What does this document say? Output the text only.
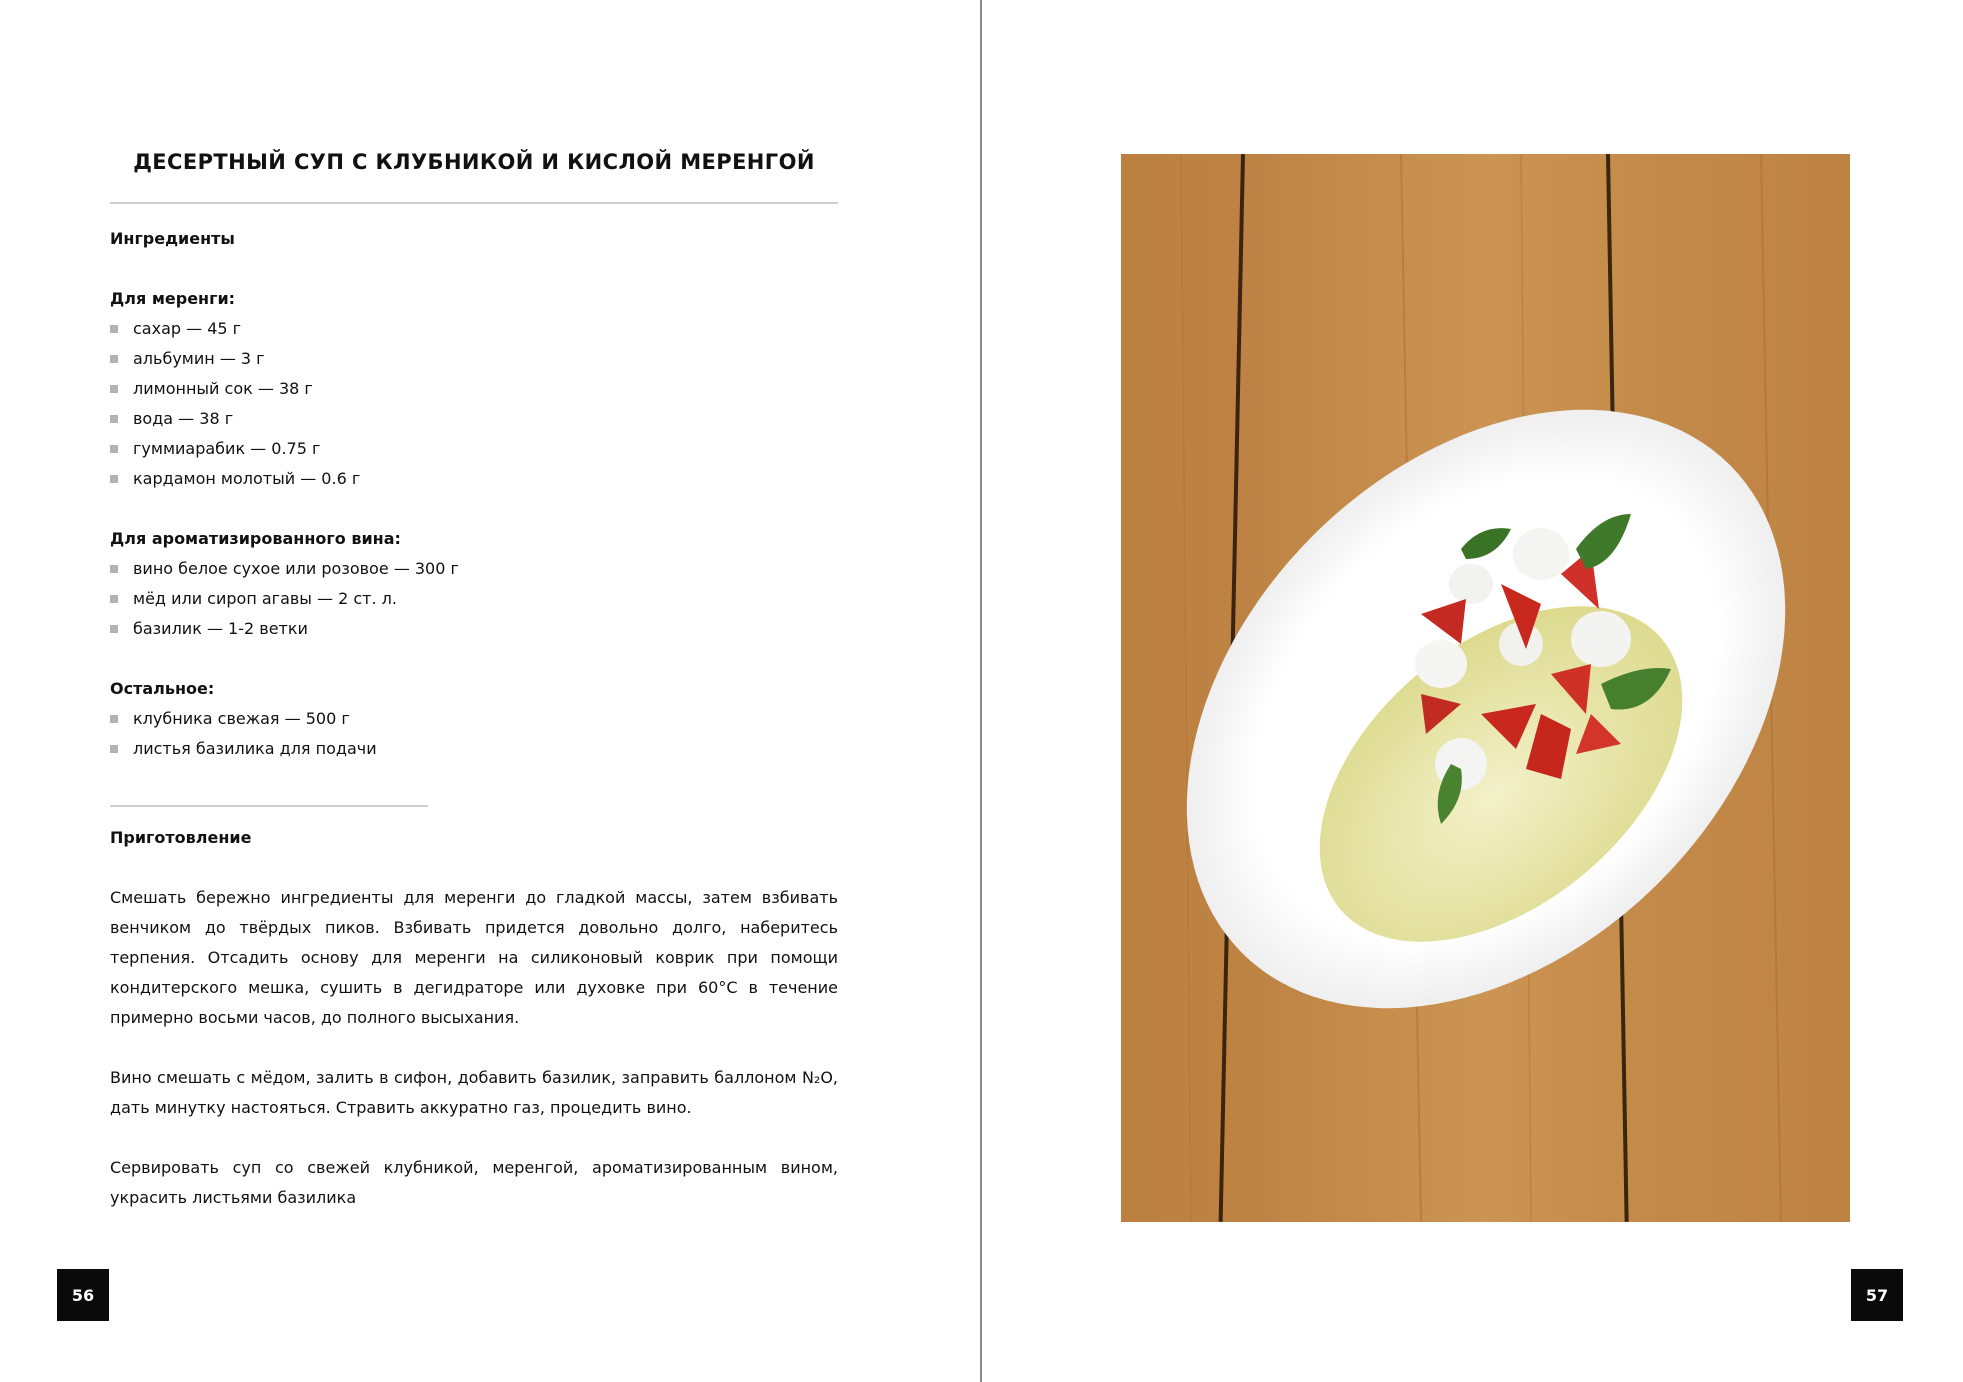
ДЕСЕРТНЫЙ СУП С КЛУБНИКОЙ И КИСЛОЙ МЕРЕНГОЙ
Ингредиенты
Для меренги:
сахар — 45 г
альбумин — 3 г
лимонный сок — 38 г
вода — 38 г
гуммиарабик — 0.75 г
кардамон молотый — 0.6 г
Для ароматизированного вина:
вино белое сухое или розовое — 300 г
мёд или сироп агавы — 2 ст. л.
базилик — 1-2 ветки
Остальное:
клубника свежая — 500 г
листья базилика для подачи
Приготовление

Смешать бережно ингредиенты для меренги до гладкой массы, затем взбивать венчиком до твёрдых пиков. Взбивать придется довольно долго, наберитесь терпения. Отсадить основу для меренги на силиконовый коврик при помощи кондитерского мешка, сушить в дегидраторе или духовке при 60°С в течение примерно восьми часов, до полного высыхания.

Вино смешать с мёдом, залить в сифон, добавить базилик, заправить баллоном N₂O, дать минутку настояться. Стравить аккуратно газ, процедить вино.

Сервировать суп со свежей клубникой, меренгой, ароматизированным вином, украсить листьями базилика

56	57
